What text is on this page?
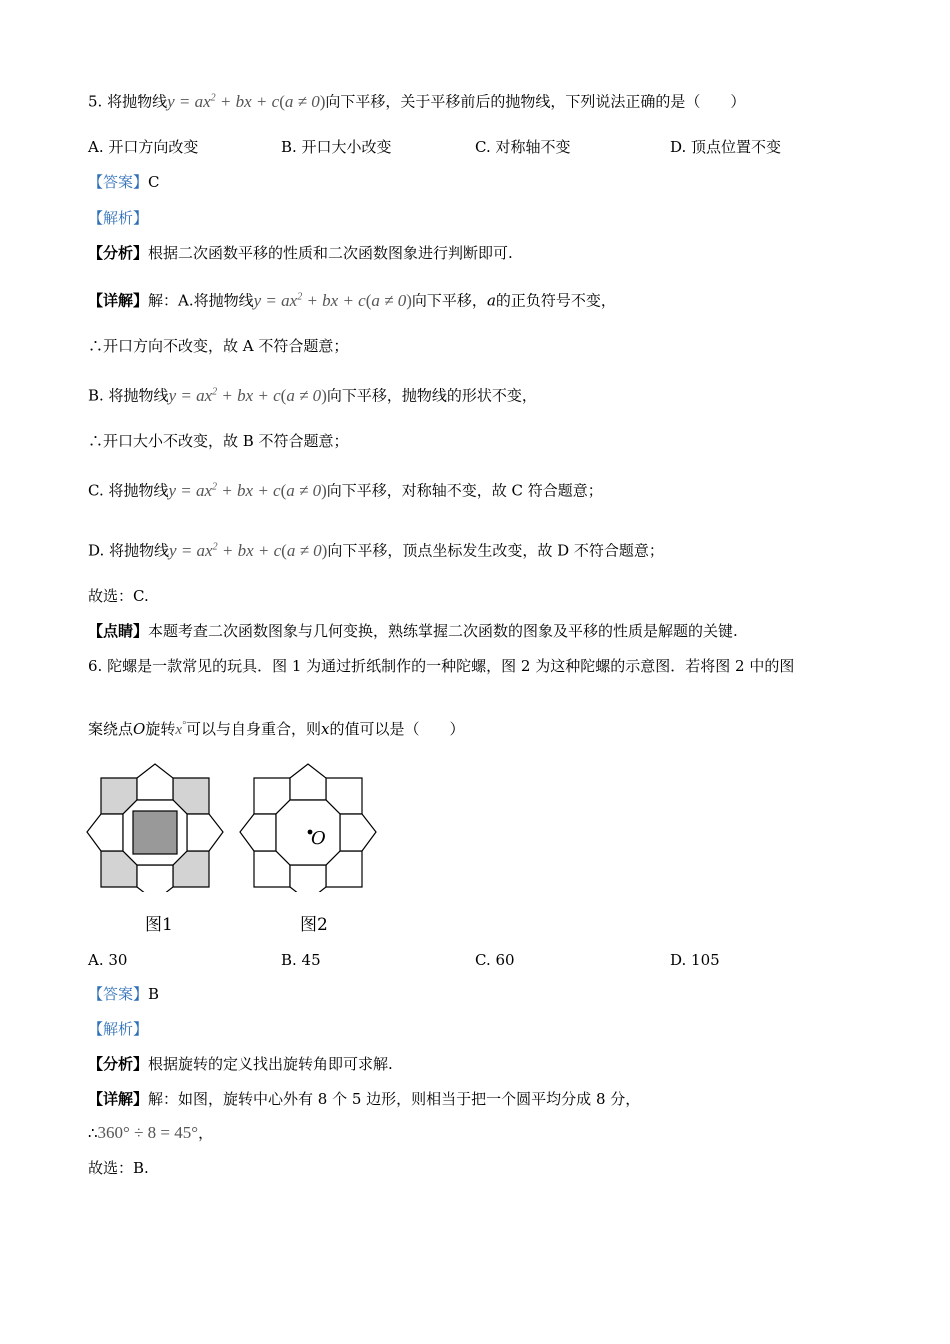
5. 将抛物线$y = ax^2$ + bx + c(a ≠ 0)向下平移，关于平移前后的抛物线，下列说法正确的是（　　）
A. 开口方向改变	B. 开口大小改变	C. 对称轴不变	D. 顶点位置不变
【答案】C
【解析】
【分析】根据二次函数平移的性质和二次函数图象进行判断即可.
【详解】解：A.将抛物线$y = ax^2$ + bx + c(a ≠ 0)向下平移，a的正负符号不变，
∴开口方向不改变，故 A 不符合题意；
B. 将抛物线$y = ax^2$ + bx + c(a ≠ 0)向下平移，抛物线的形状不变，
∴开口大小不改变，故 B 不符合题意；
C. 将抛物线$y = ax^2$ + bx + c(a ≠ 0)向下平移，对称轴不变，故 C 符合题意；
D. 将抛物线$y = ax^2$ + bx + c(a ≠ 0)向下平移，顶点坐标发生改变，故 D 不符合题意；
故选：C.
【点睛】本题考查二次函数图象与几何变换，熟练掌握二次函数的图象及平移的性质是解题的关键.
6. 陀螺是一款常见的玩具．图 1 为通过折纸制作的一种陀螺，图 2 为这种陀螺的示意图．若将图 2 中的图
案绕点O旋转x°可以与自身重合，则x的值可以是（　　）
图1
O
图2
A. 30	B. 45	C. 60	D. 105
【答案】B
【解析】
【分析】根据旋转的定义找出旋转角即可求解.
【详解】解：如图，旋转中心外有 8 个 5 边形，则相当于把一个圆平均分成 8 分，
∴360° ÷ 8 = 45°，
故选：B.
